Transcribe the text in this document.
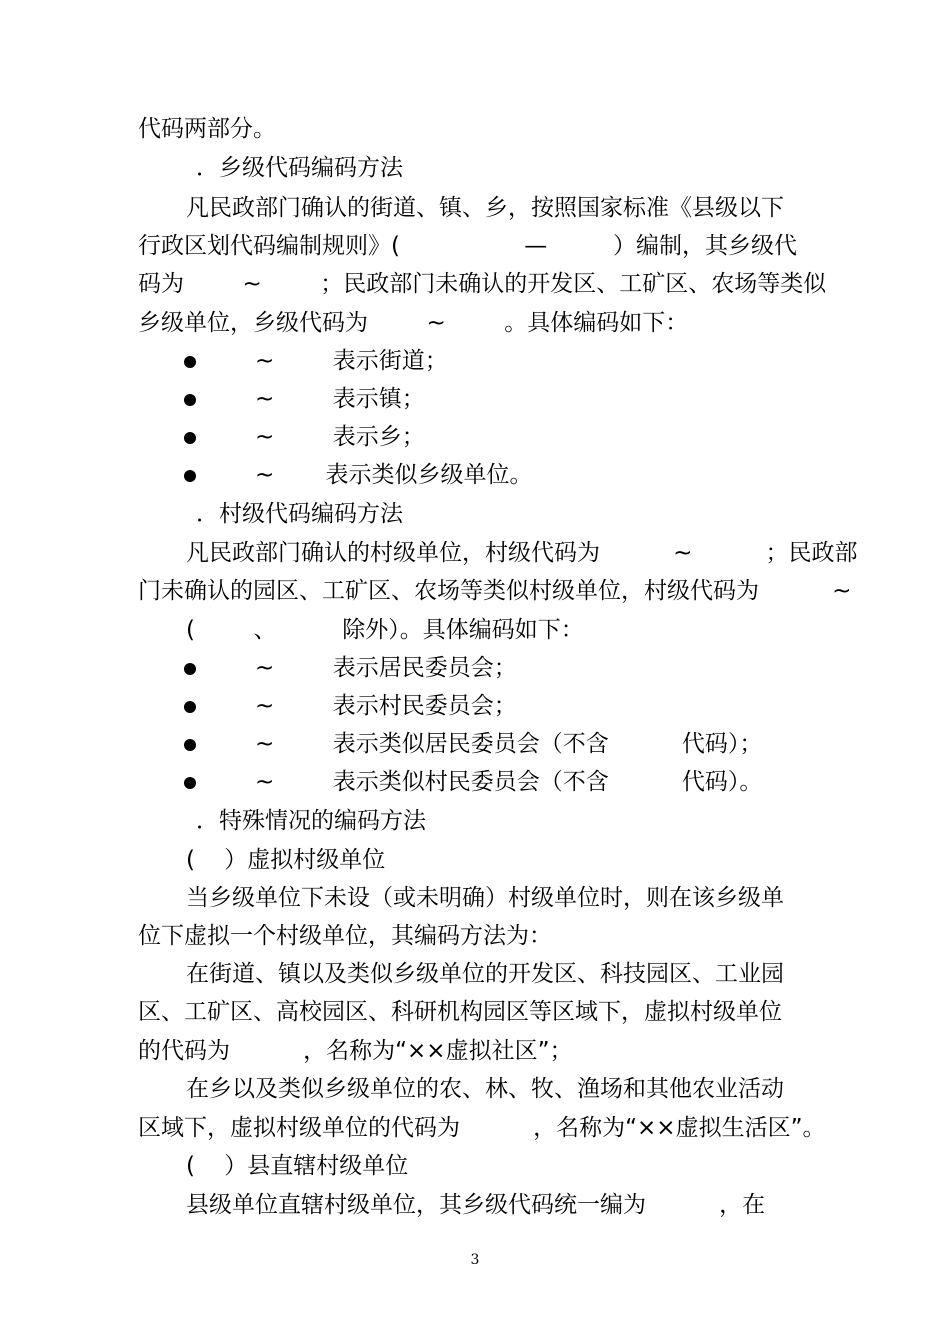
代码两部分。
．乡级代码编码方法
凡民政部门确认的街道、镇、乡，按照国家标准《县级以下
行政区划代码编制规则》(                 —         ）编制，其乡级代
码为        ~        ；民政部门未确认的开发区、工矿区、农场等类似
乡级单位，乡级代码为        ~        。具体编码如下：
~        表示街道；
~        表示镇；
~        表示乡；
~       表示类似乡级单位。
．村级代码编码方法
凡民政部门确认的村级单位，村级代码为          ~          ；民政部
门未确认的园区、工矿区、农场等类似村级单位，村级代码为          ~
(        、         除外）。具体编码如下：
~        表示居民委员会；
~        表示村民委员会；
~        表示类似居民委员会（不含          代码）；
~        表示类似村民委员会（不含          代码）。
．特殊情况的编码方法
(    ）虚拟村级单位
当乡级单位下未设（或未明确）村级单位时，则在该乡级单
位下虚拟一个村级单位，其编码方法为：
在街道、镇以及类似乡级单位的开发区、科技园区、工业园
区、工矿区、高校园区、科研机构园区等区域下，虚拟村级单位
的代码为          ，名称为“××虚拟社区”；
在乡以及类似乡级单位的农、林、牧、渔场和其他农业活动
区域下，虚拟村级单位的代码为          ，名称为“××虚拟生活区”。
(    ）县直辖村级单位
县级单位直辖村级单位，其乡级代码统一编为          ，在
3
